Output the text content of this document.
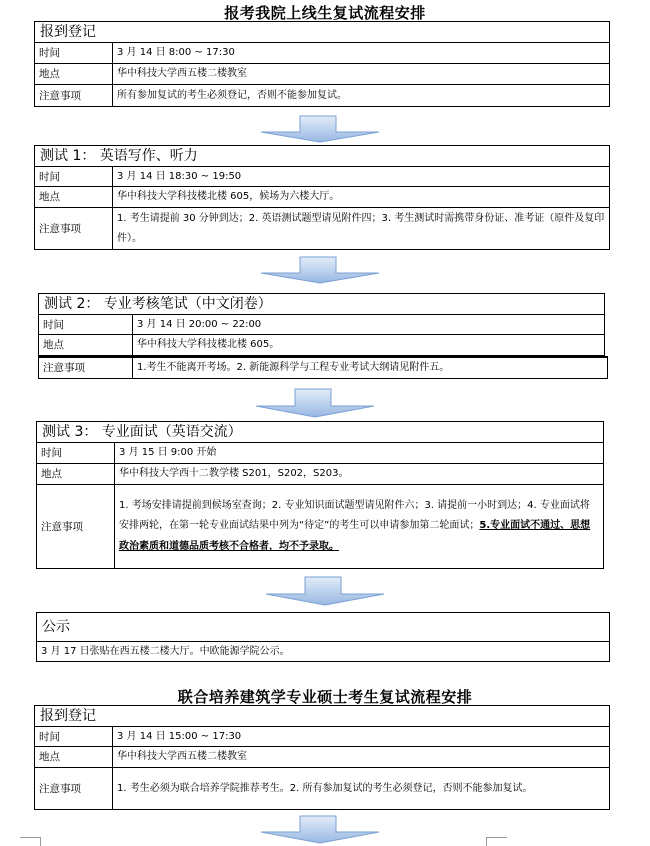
报考我院上线生复试流程安排
报到登记	
时间	3 月 14 日 8:00 ~ 17:30
地点	华中科技大学西五楼二楼教室
注意事项	所有参加复试的考生必须登记，否则不能参加复试。
测试 1： 英语写作、听力	
时间	3 月 14 日 18:30 ~ 19:50
地点	华中科技大学科技楼北楼 605，候场为六楼大厅。
注意事项	1. 考生请提前 30 分钟到达；2. 英语测试题型请见附件四；3. 考生测试时需携带身份证、准考证（原件及复印件）。
测试 2： 专业考核笔试（中文闭卷）	
时间	3 月 14 日 20:00 ~ 22:00
地点	华中科技大学科技楼北楼 605。
注意事项	1.考生不能离开考场。2. 新能源科学与工程专业考试大纲请见附件五。
测试 3： 专业面试（英语交流）	
时间	3 月 15 日 9:00 开始
地点	华中科技大学西十二教学楼 S201，S202，S203。
注意事项	1. 考场安排请提前到候场室查询；2. 专业知识面试题型请见附件六；3. 请提前一小时到达；4. 专业面试将安排两轮，在第一轮专业面试结果中列为“待定”的考生可以申请参加第二轮面试；5.专业面试不通过、思想政治素质和道德品质考核不合格者，均不予录取。
公示
3 月 17 日张贴在西五楼二楼大厅。中欧能源学院公示。
联合培养建筑学专业硕士考生复试流程安排
报到登记	
时间	3 月 14 日 15:00 ~ 17:30
地点	华中科技大学西五楼二楼教室
注意事项	1. 考生必须为联合培养学院推荐考生。2. 所有参加复试的考生必须登记，否则不能参加复试。
